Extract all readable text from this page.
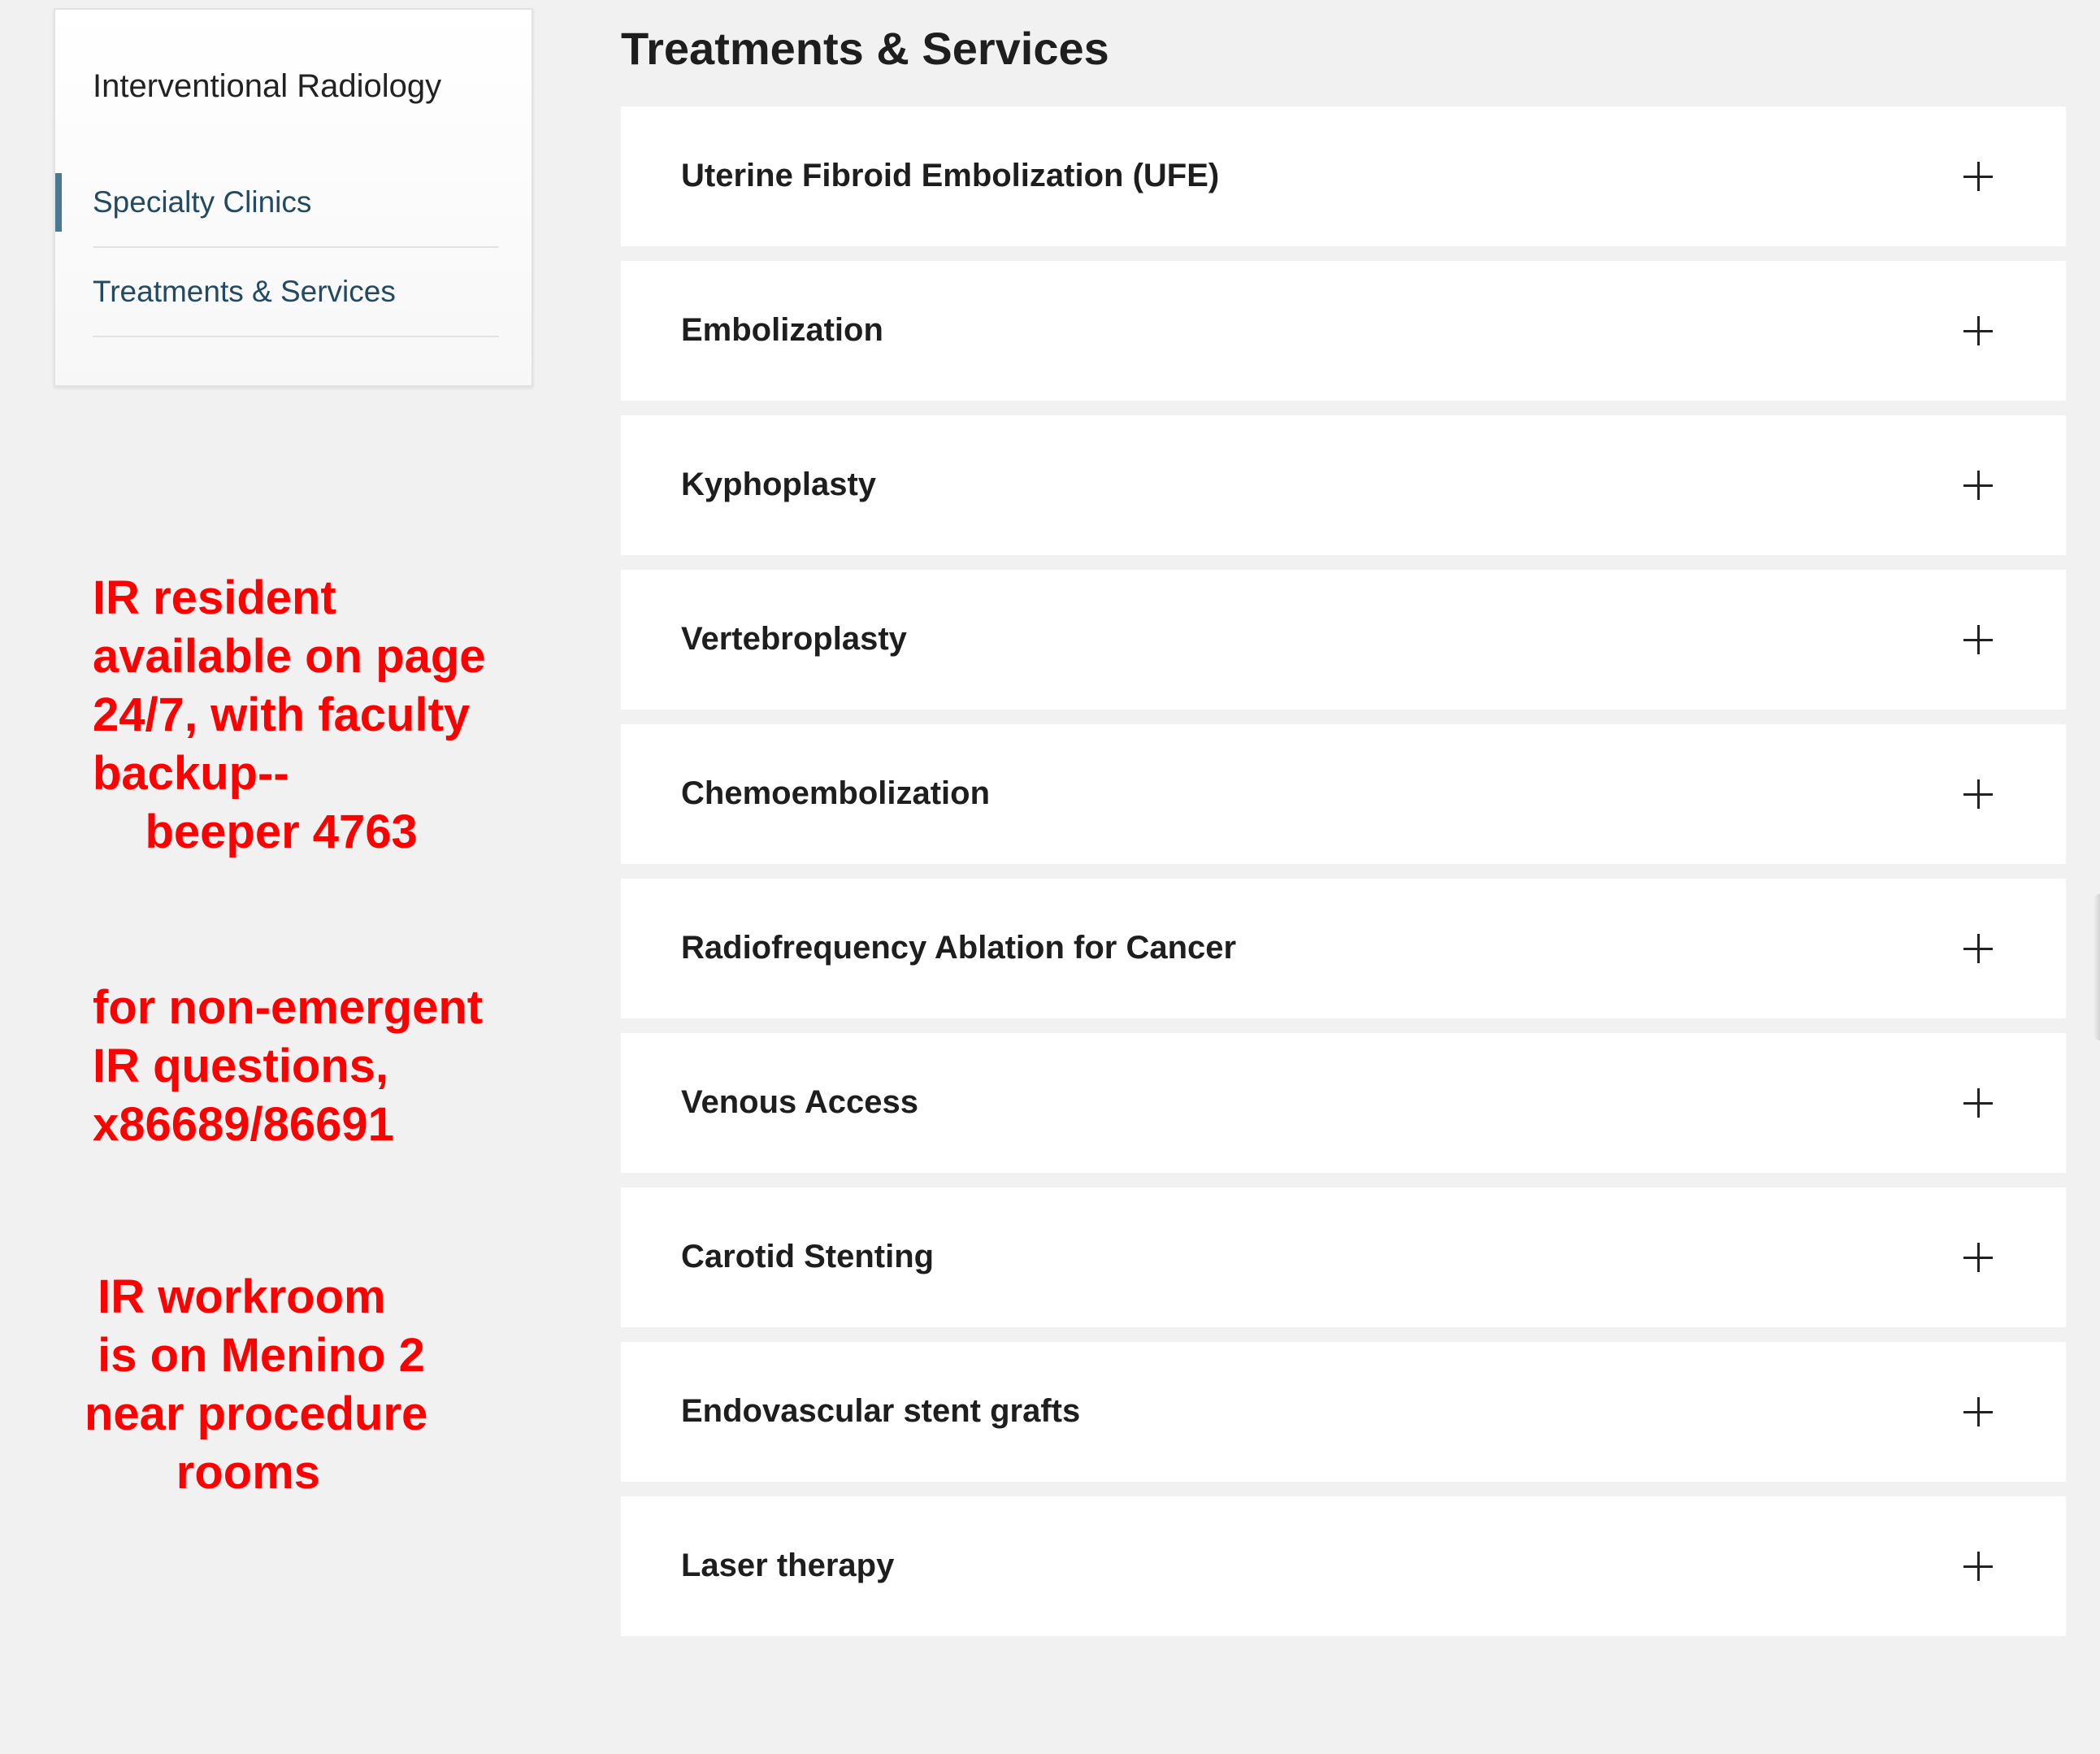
Interventional Radiology
Specialty Clinics
Treatments & Services
IR resident
available on page
24/7, with faculty
backup--
beeper 4763
for non-emergent
IR questions,
x86689/86691
IR workroom
is on Menino 2
near procedure
rooms
Treatments & Services
Uterine Fibroid Embolization (UFE)
Embolization
Kyphoplasty
Vertebroplasty
Chemoembolization
Radiofrequency Ablation for Cancer
Venous Access
Carotid Stenting
Endovascular stent grafts
Laser therapy
